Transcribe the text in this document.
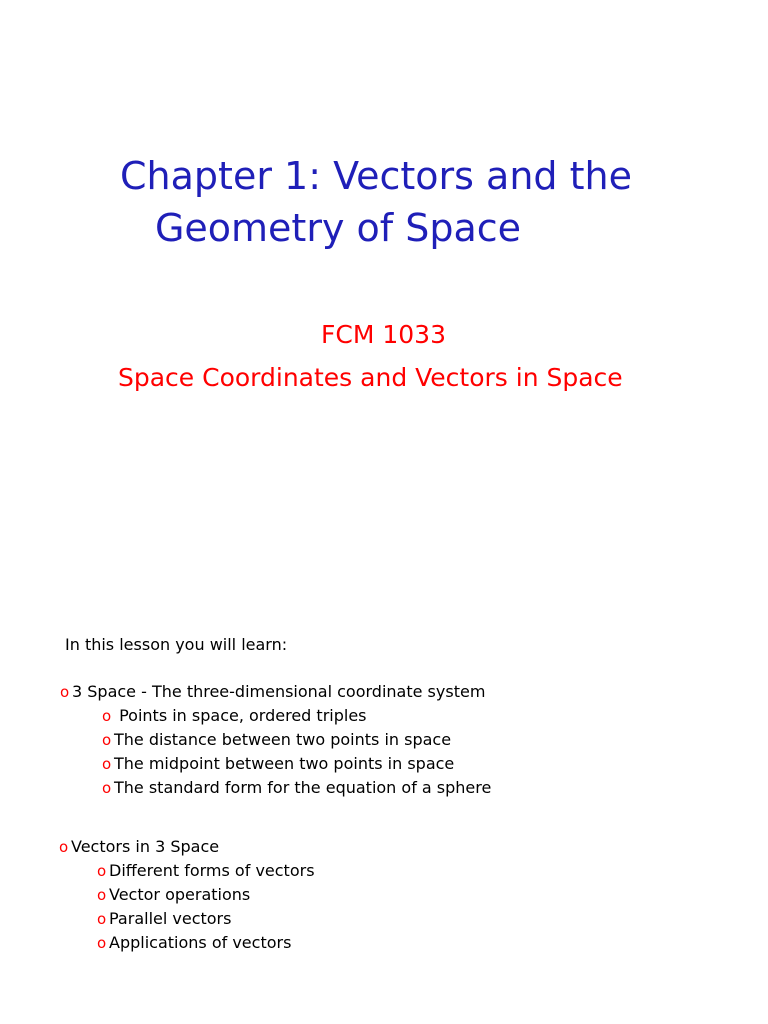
Chapter 1: Vectors and the
Geometry of Space

FCM 1033

Space Coordinates and Vectors in Space

In this lesson you will learn:

o 3 Space - The three-dimensional coordinate system
o Points in space, ordered triples
o The distance between two points in space
o The midpoint between two points in space
o The standard form for the equation of a sphere
o Vectors in 3 Space
o Different forms of vectors
o Vector operations
o Parallel vectors
o Applications of vectors
